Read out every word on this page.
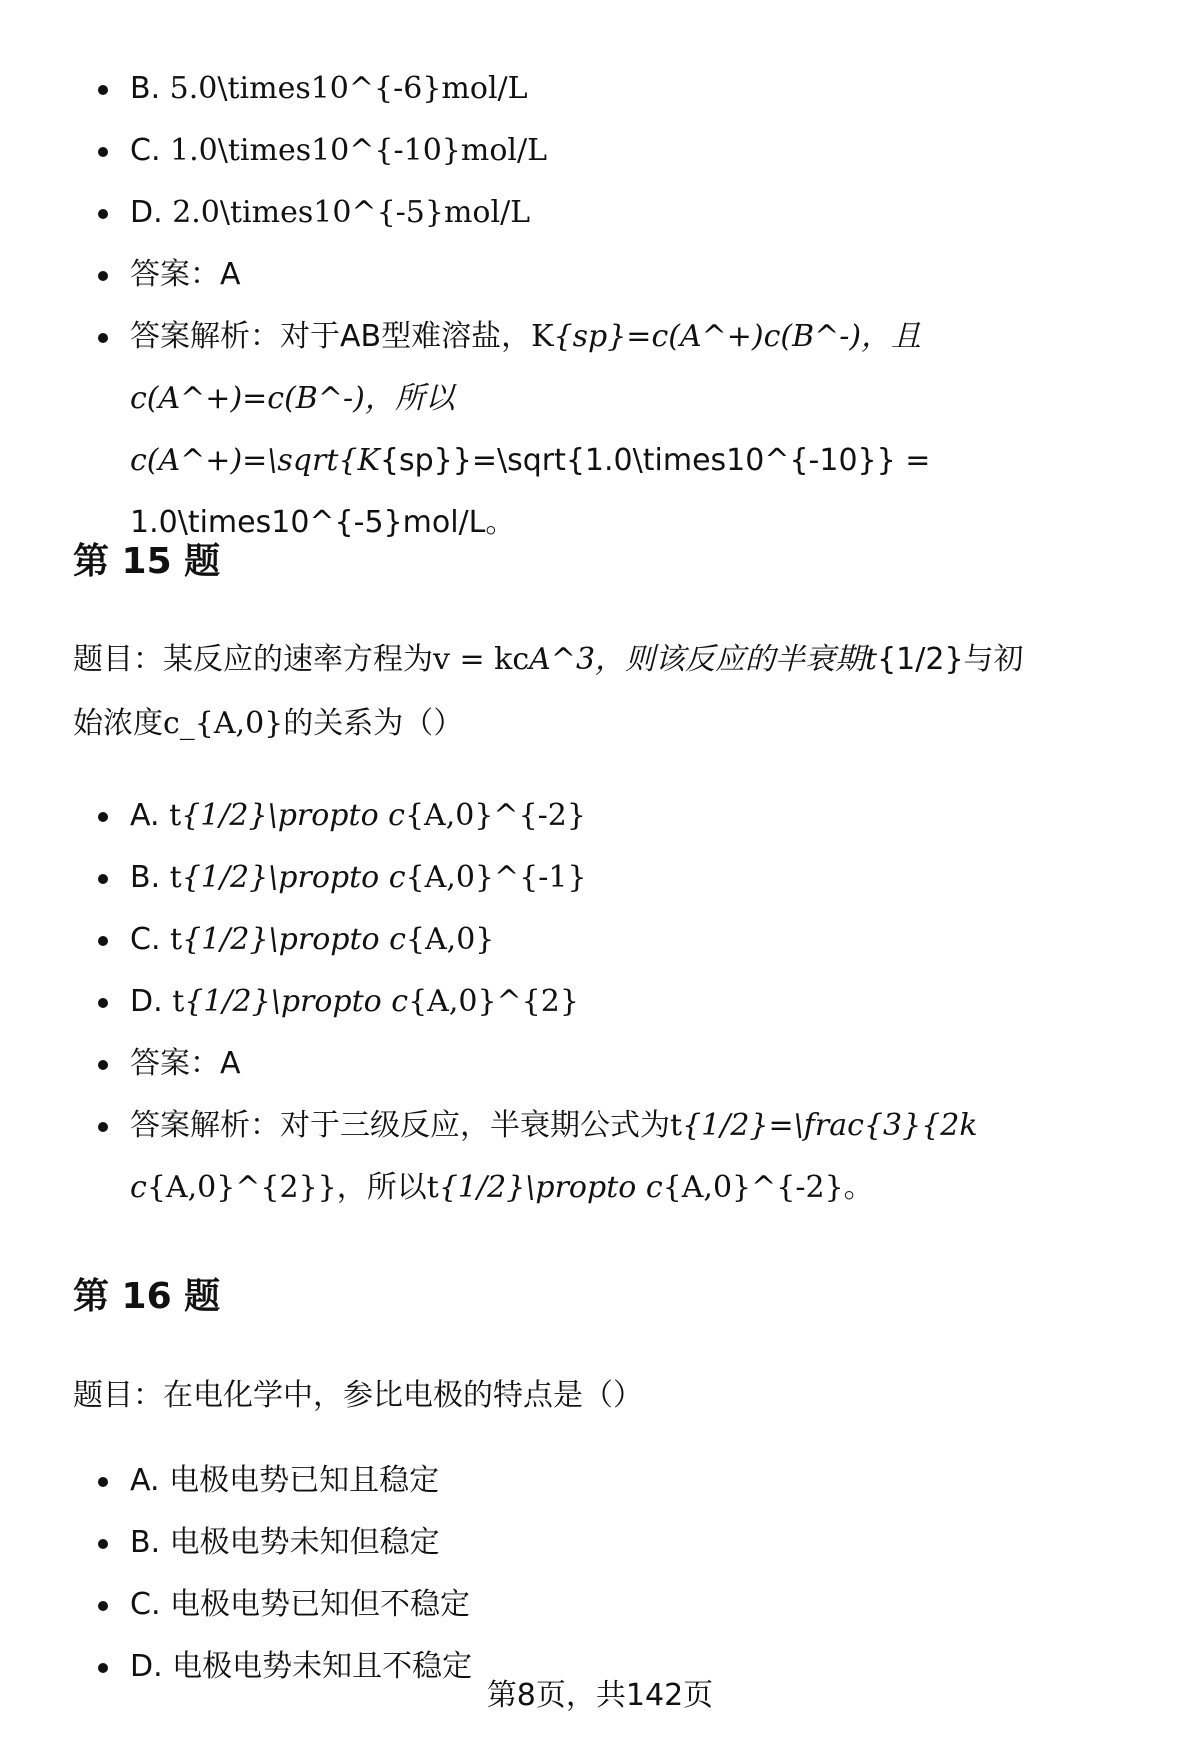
B. 5.0\times10^{-6}mol/L
C. 1.0\times10^{-10}mol/L
D. 2.0\times10^{-5}mol/L
答案：A
答案解析：对于AB型难溶盐，K{sp}=c(A^+)c(B^-)，且c(A^+)=c(B^-)，所以c(A^+)=\sqrt{K{sp}}=\sqrt{1.0\times10^{-10}} = 1.0\times10^{-5}mol/L。
第 15 题

题目：某反应的速率方程为v = kcA^3，则该反应的半衰期t{1/2}与初始浓度c_{A,0}的关系为（）

A. t{1/2}\propto c{A,0}^{-2}
B. t{1/2}\propto c{A,0}^{-1}
C. t{1/2}\propto c{A,0}
D. t{1/2}\propto c{A,0}^{2}
答案：A
答案解析：对于三级反应，半衰期公式为t{1/2}=\frac{3}{2k c{A,0}^{2}}，所以t{1/2}\propto c{A,0}^{-2}。
第 16 题

题目：在电化学中，参比电极的特点是（）

A. 电极电势已知且稳定
B. 电极电势未知但稳定
C. 电极电势已知但不稳定
D. 电极电势未知且不稳定
第8页，共142页
